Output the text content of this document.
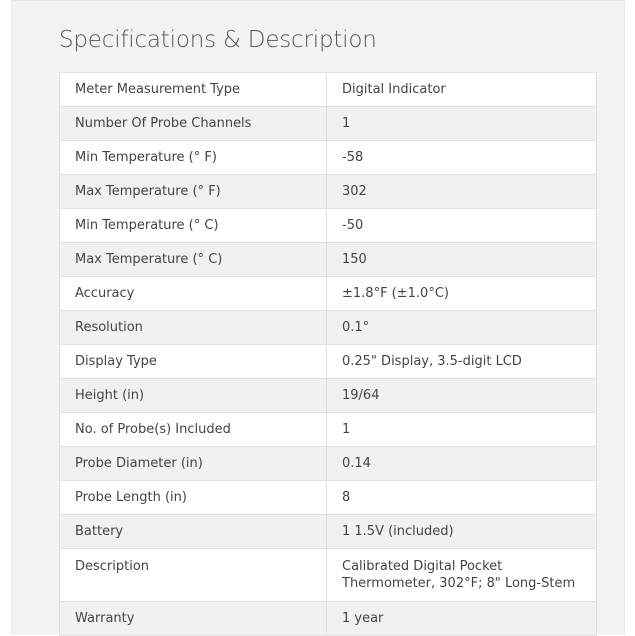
Specifications & Description
Meter Measurement Type	Digital Indicator
Number Of Probe Channels	1
Min Temperature (° F)	-58
Max Temperature (° F)	302
Min Temperature (° C)	-50
Max Temperature (° C)	150
Accuracy	±1.8°F (±1.0°C)
Resolution	0.1°
Display Type	0.25" Display, 3.5-digit LCD
Height (in)	19/64
No. of Probe(s) Included	1
Probe Diameter (in)	0.14
Probe Length (in)	8
Battery	1 1.5V (included)
Description	Calibrated Digital Pocket Thermometer, 302°F; 8" Long-Stem
Warranty	1 year
